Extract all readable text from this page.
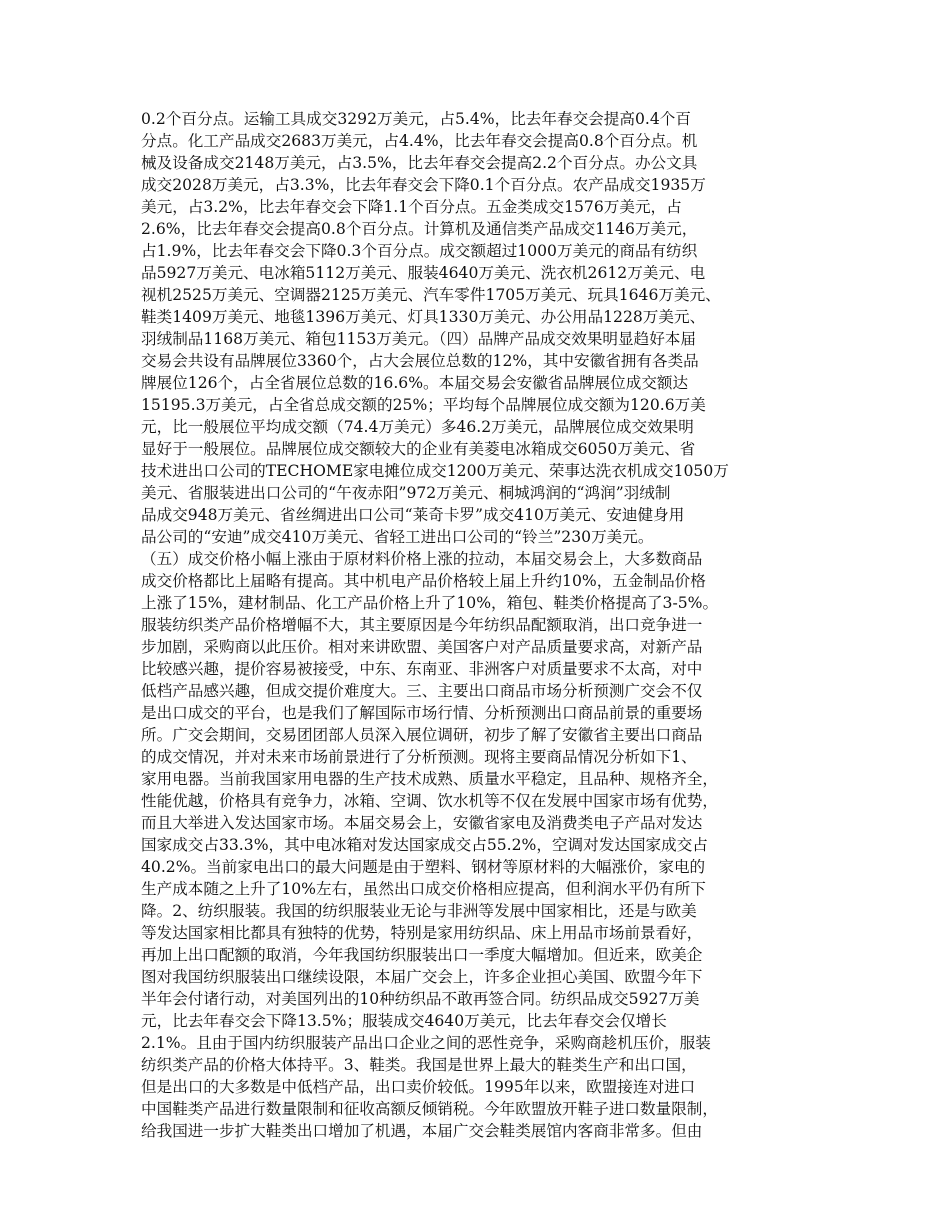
0.2个百分点。运输工具成交3292万美元，占5.4%，比去年春交会提高0.4个百
分点。化工产品成交2683万美元，占4.4%，比去年春交会提高0.8个百分点。机
械及设备成交2148万美元，占3.5%，比去年春交会提高2.2个百分点。办公文具
成交2028万美元，占3.3%，比去年春交会下降0.1个百分点。农产品成交1935万
美元，占3.2%，比去年春交会下降1.1个百分点。五金类成交1576万美元，占
2.6%，比去年春交会提高0.8个百分点。计算机及通信类产品成交1146万美元，
占1.9%，比去年春交会下降0.3个百分点。成交额超过1000万美元的商品有纺织
品5927万美元、电冰箱5112万美元、服装4640万美元、洗衣机2612万美元、电
视机2525万美元、空调器2125万美元、汽车零件1705万美元、玩具1646万美元、
鞋类1409万美元、地毯1396万美元、灯具1330万美元、办公用品1228万美元、
羽绒制品1168万美元、箱包1153万美元。（四）品牌产品成交效果明显趋好本届
交易会共设有品牌展位3360个，占大会展位总数的12%，其中安徽省拥有各类品
牌展位126个，占全省展位总数的16.6%。本届交易会安徽省品牌展位成交额达
15195.3万美元，占全省总成交额的25%；平均每个品牌展位成交额为120.6万美
元，比一般展位平均成交额（74.4万美元）多46.2万美元，品牌展位成交效果明
显好于一般展位。品牌展位成交额较大的企业有美菱电冰箱成交6050万美元、省
技术进出口公司的TECHOME家电摊位成交1200万美元、荣事达洗衣机成交1050万
美元、省服装进出口公司的“午夜赤阳”972万美元、桐城鸿润的“鸿润”羽绒制
品成交948万美元、省丝绸进出口公司“莱奇卡罗”成交410万美元、安迪健身用
品公司的“安迪”成交410万美元、省轻工进出口公司的“铃兰”230万美元。
（五）成交价格小幅上涨由于原材料价格上涨的拉动，本届交易会上，大多数商品
成交价格都比上届略有提高。其中机电产品价格较上届上升约10%，五金制品价格
上涨了15%，建材制品、化工产品价格上升了10%，箱包、鞋类价格提高了3-5%。
服装纺织类产品价格增幅不大，其主要原因是今年纺织品配额取消，出口竞争进一
步加剧，采购商以此压价。相对来讲欧盟、美国客户对产品质量要求高，对新产品
比较感兴趣，提价容易被接受，中东、东南亚、非洲客户对质量要求不太高，对中
低档产品感兴趣，但成交提价难度大。三、主要出口商品市场分析预测广交会不仅
是出口成交的平台，也是我们了解国际市场行情、分析预测出口商品前景的重要场
所。广交会期间，交易团团部人员深入展位调研，初步了解了安徽省主要出口商品
的成交情况，并对未来市场前景进行了分析预测。现将主要商品情况分析如下1、
家用电器。当前我国家用电器的生产技术成熟、质量水平稳定，且品种、规格齐全，
性能优越，价格具有竞争力，冰箱、空调、饮水机等不仅在发展中国家市场有优势，
而且大举进入发达国家市场。本届交易会上，安徽省家电及消费类电子产品对发达
国家成交占33.3%，其中电冰箱对发达国家成交占55.2%，空调对发达国家成交占
40.2%。当前家电出口的最大问题是由于塑料、钢材等原材料的大幅涨价，家电的
生产成本随之上升了10%左右，虽然出口成交价格相应提高，但利润水平仍有所下
降。2、纺织服装。我国的纺织服装业无论与非洲等发展中国家相比，还是与欧美
等发达国家相比都具有独特的优势，特别是家用纺织品、床上用品市场前景看好，
再加上出口配额的取消，今年我国纺织服装出口一季度大幅增加。但近来，欧美企
图对我国纺织服装出口继续设限，本届广交会上，许多企业担心美国、欧盟今年下
半年会付诸行动，对美国列出的10种纺织品不敢再签合同。纺织品成交5927万美
元，比去年春交会下降13.5%；服装成交4640万美元，比去年春交会仅增长
2.1%。且由于国内纺织服装产品出口企业之间的恶性竞争，采购商趁机压价，服装
纺织类产品的价格大体持平。3、鞋类。我国是世界上最大的鞋类生产和出口国，
但是出口的大多数是中低档产品，出口卖价较低。1995年以来，欧盟接连对进口
中国鞋类产品进行数量限制和征收高额反倾销税。今年欧盟放开鞋子进口数量限制，
给我国进一步扩大鞋类出口增加了机遇，本届广交会鞋类展馆内客商非常多。但由
